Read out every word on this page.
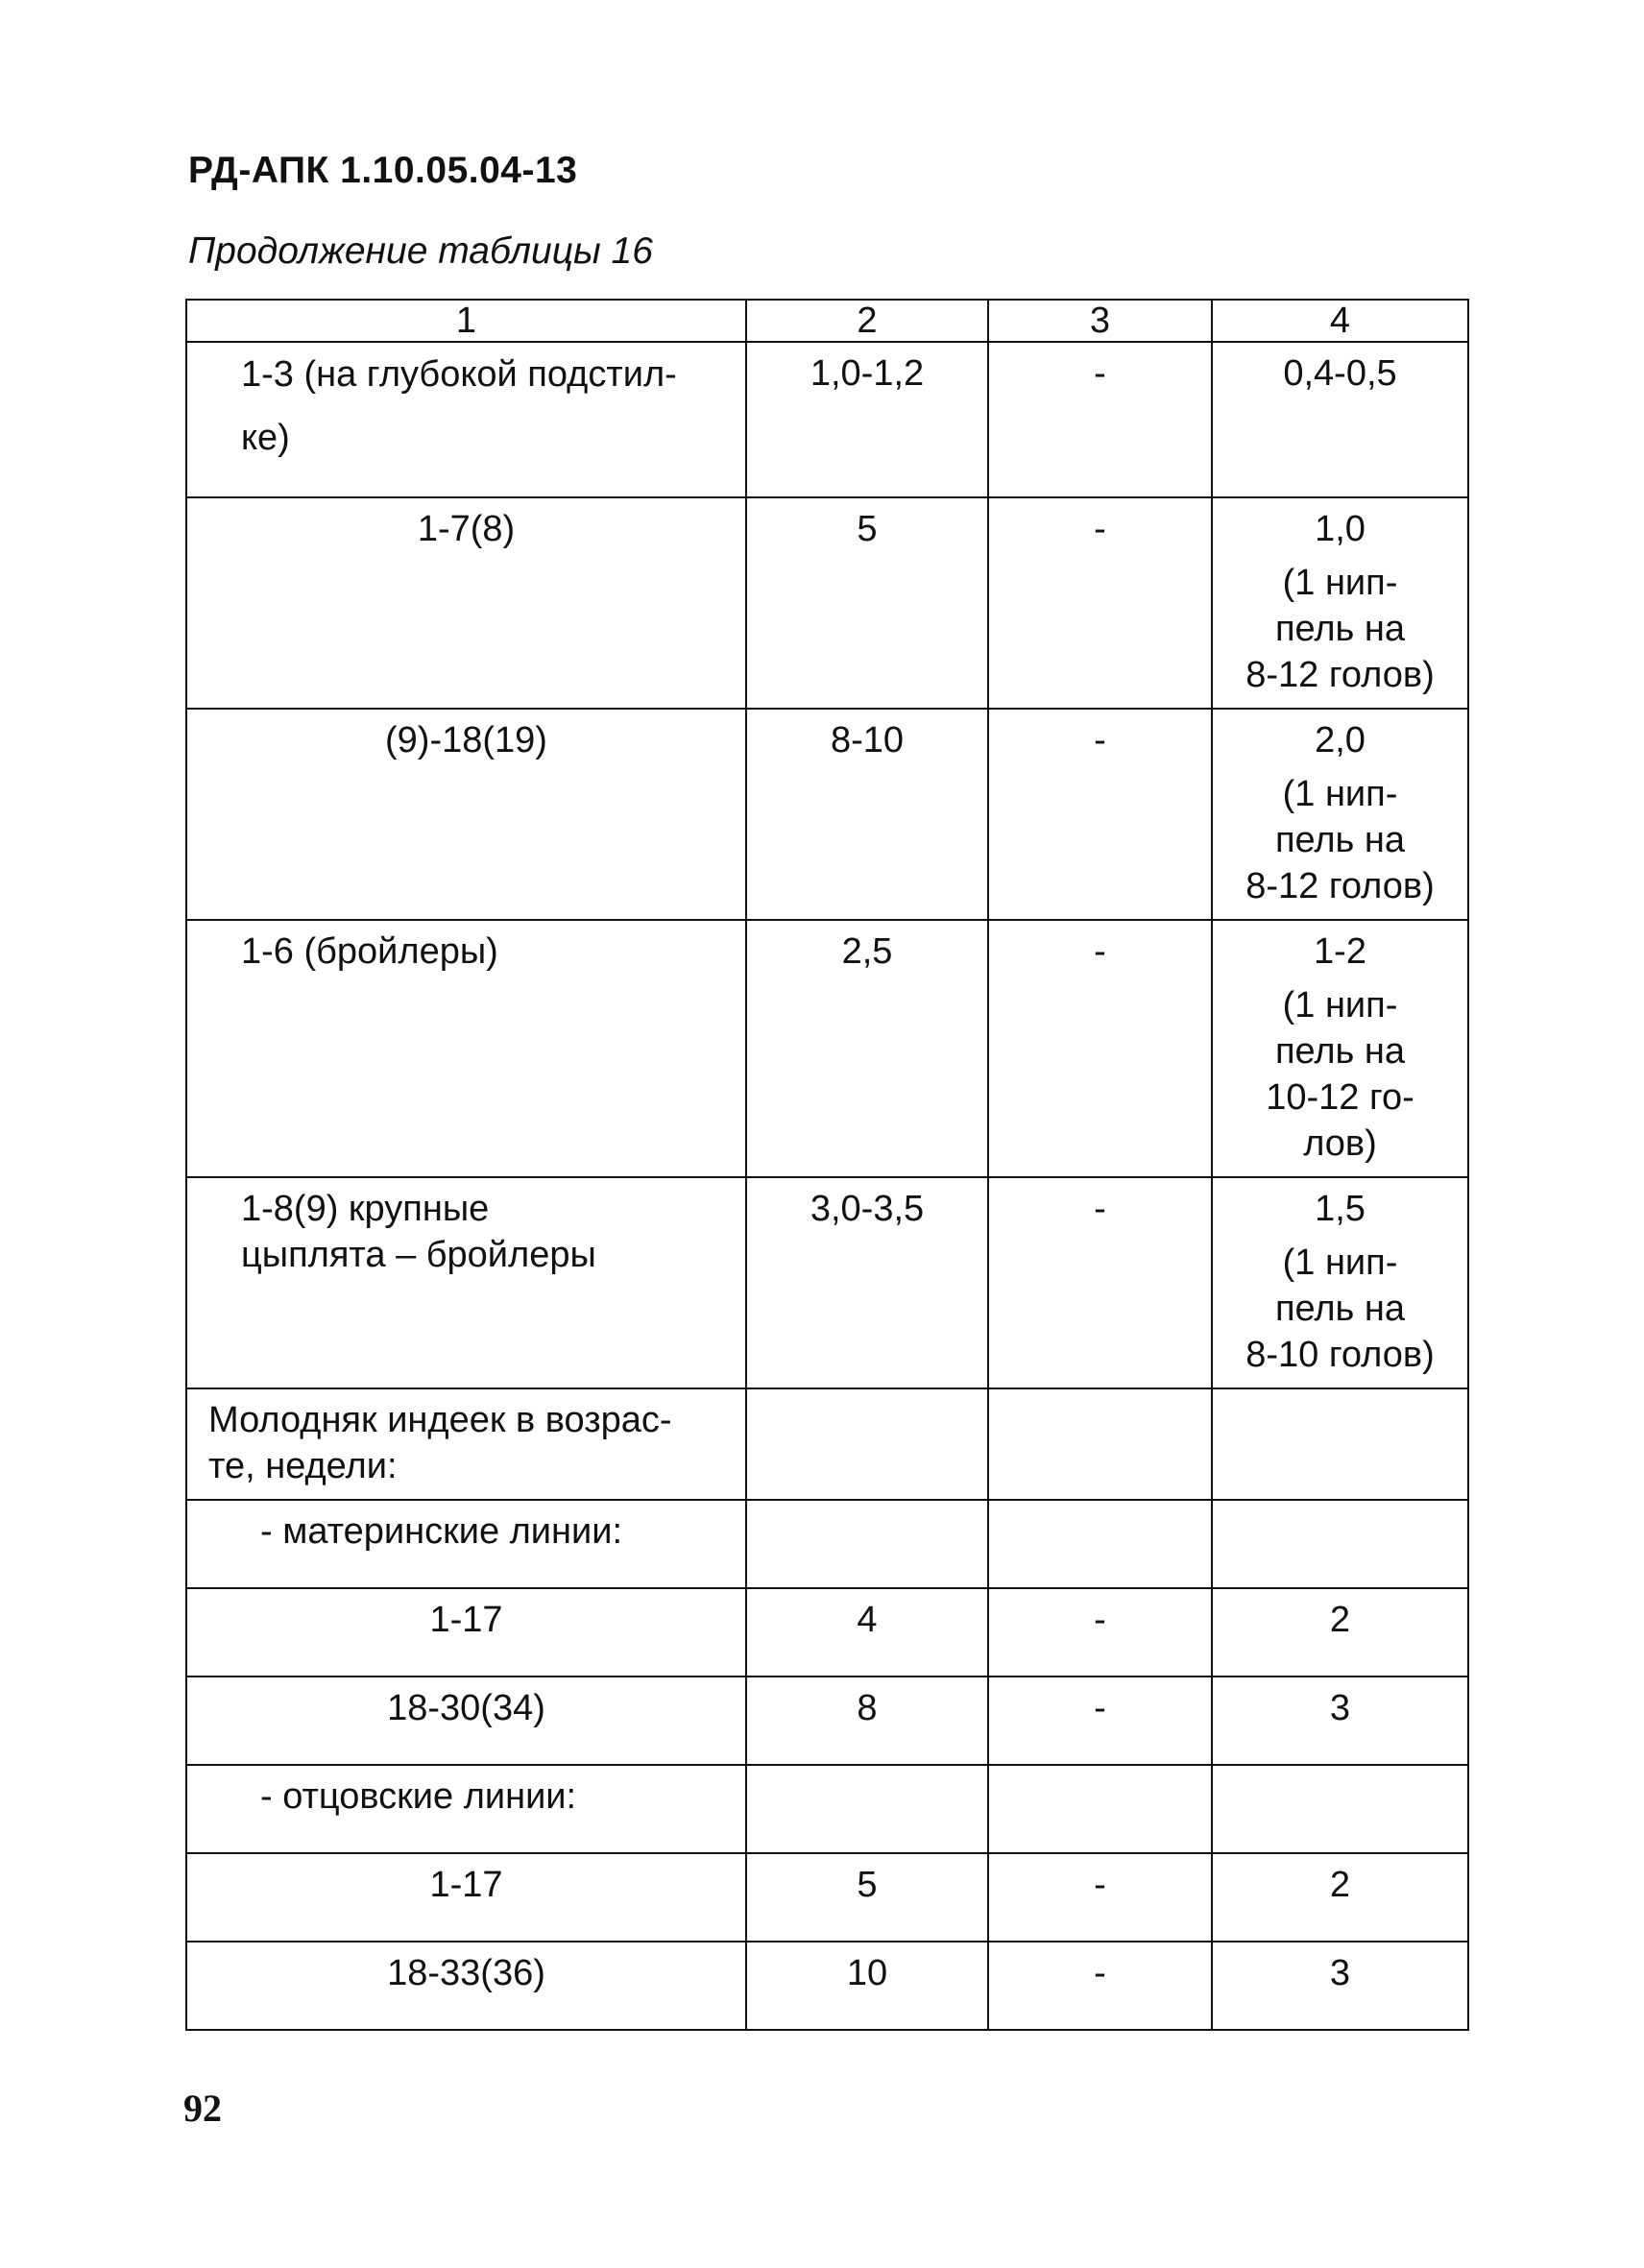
РД-АПК 1.10.05.04-13
Продолжение таблицы 16
1	2	3	4

1-3 (на глубокой подстил-
ке)	1,0-1,2	-	0,4-0,5

1-7(8)	5	-	1,0
(1 нип-
пель на
8-12 голов)

(9)-18(19)	8-10	-	2,0
(1 нип-
пель на
8-12 голов)

1-6 (бройлеры)	2,5	-	1-2
(1 нип-
пель на
10-12 го-
лов)

1-8(9) крупные
цыплята – бройлеры	3,0-3,5	-	1,5
(1 нип-
пель на
8-10 голов)

Молодняк индеек в возрас-
те, недели:			

- материнские линии:			

1-17	4	-	2

18-30(34)	8	-	3

- отцовские линии:			

1-17	5	-	2

18-33(36)	10	-	3
92
